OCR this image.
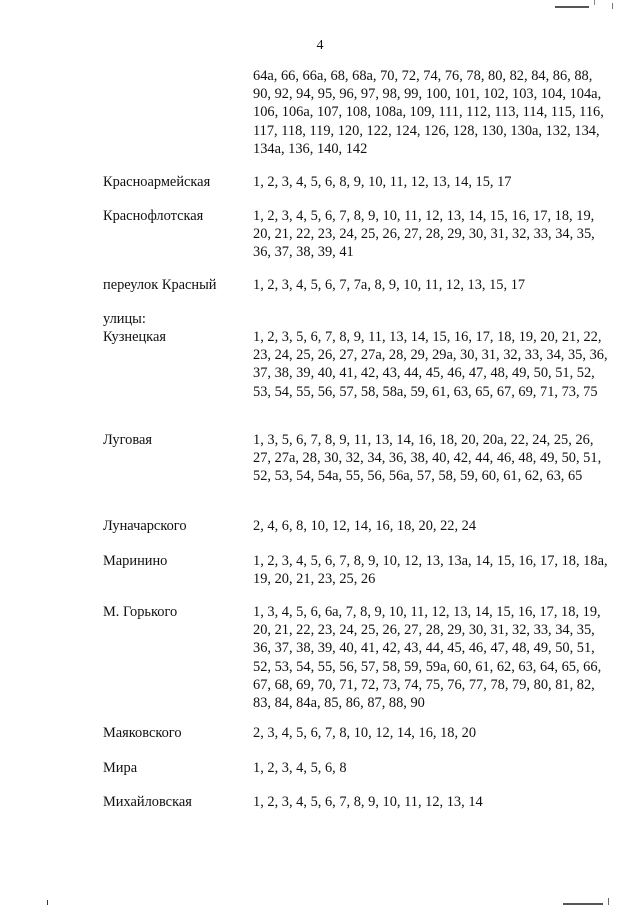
4
64а, 66, 66а, 68, 68а, 70, 72, 74, 76, 78, 80, 82, 84, 86, 88, 90, 92, 94, 95, 96, 97, 98, 99, 100, 101, 102, 103, 104, 104а, 106, 106а, 107, 108, 108а, 109, 111, 112, 113, 114, 115, 116, 117, 118, 119, 120, 122, 124, 126, 128, 130, 130а, 132, 134, 134а, 136, 140, 142
Красноармейская	1, 2, 3, 4, 5, 6, 8, 9, 10, 11, 12, 13, 14, 15, 17
Краснофлотская	1, 2, 3, 4, 5, 6, 7, 8, 9, 10, 11, 12, 13, 14, 15, 16, 17, 18, 19, 20, 21, 22, 23, 24, 25, 26, 27, 28, 29, 30, 31, 32, 33, 34, 35, 36, 37, 38, 39, 41
переулок Красный	1, 2, 3, 4, 5, 6, 7, 7а, 8, 9, 10, 11, 12, 13, 15, 17
улицы:
Кузнецкая	1, 2, 3, 5, 6, 7, 8, 9, 11, 13, 14, 15, 16, 17, 18, 19, 20, 21, 22, 23, 24, 25, 26, 27, 27а, 28, 29, 29а, 30, 31, 32, 33, 34, 35, 36, 37, 38, 39, 40, 41, 42, 43, 44, 45, 46, 47, 48, 49, 50, 51, 52, 53, 54, 55, 56, 57, 58, 58а, 59, 61, 63, 65, 67, 69, 71, 73, 75
Луговая	1, 3, 5, 6, 7, 8, 9, 11, 13, 14, 16, 18, 20, 20а, 22, 24, 25, 26, 27, 27а, 28, 30, 32, 34, 36, 38, 40, 42, 44, 46, 48, 49, 50, 51, 52, 53, 54, 54а, 55, 56, 56а, 57, 58, 59, 60, 61, 62, 63, 65
Луначарского	2, 4, 6, 8, 10, 12, 14, 16, 18, 20, 22, 24
Маринино	1, 2, 3, 4, 5, 6, 7, 8, 9, 10, 12, 13, 13а, 14, 15, 16, 17, 18, 18а, 19, 20, 21, 23, 25, 26
М. Горького	1, 3, 4, 5, 6, 6а, 7, 8, 9, 10, 11, 12, 13, 14, 15, 16, 17, 18, 19, 20, 21, 22, 23, 24, 25, 26, 27, 28, 29, 30, 31, 32, 33, 34, 35, 36, 37, 38, 39, 40, 41, 42, 43, 44, 45, 46, 47, 48, 49, 50, 51, 52, 53, 54, 55, 56, 57, 58, 59, 59а, 60, 61, 62, 63, 64, 65, 66, 67, 68, 69, 70, 71, 72, 73, 74, 75, 76, 77, 78, 79, 80, 81, 82, 83, 84, 84а, 85, 86, 87, 88, 90
Маяковского	2, 3, 4, 5, 6, 7, 8, 10, 12, 14, 16, 18, 20
Мира	1, 2, 3, 4, 5, 6, 8
Михайловская	1, 2, 3, 4, 5, 6, 7, 8, 9, 10, 11, 12, 13, 14
